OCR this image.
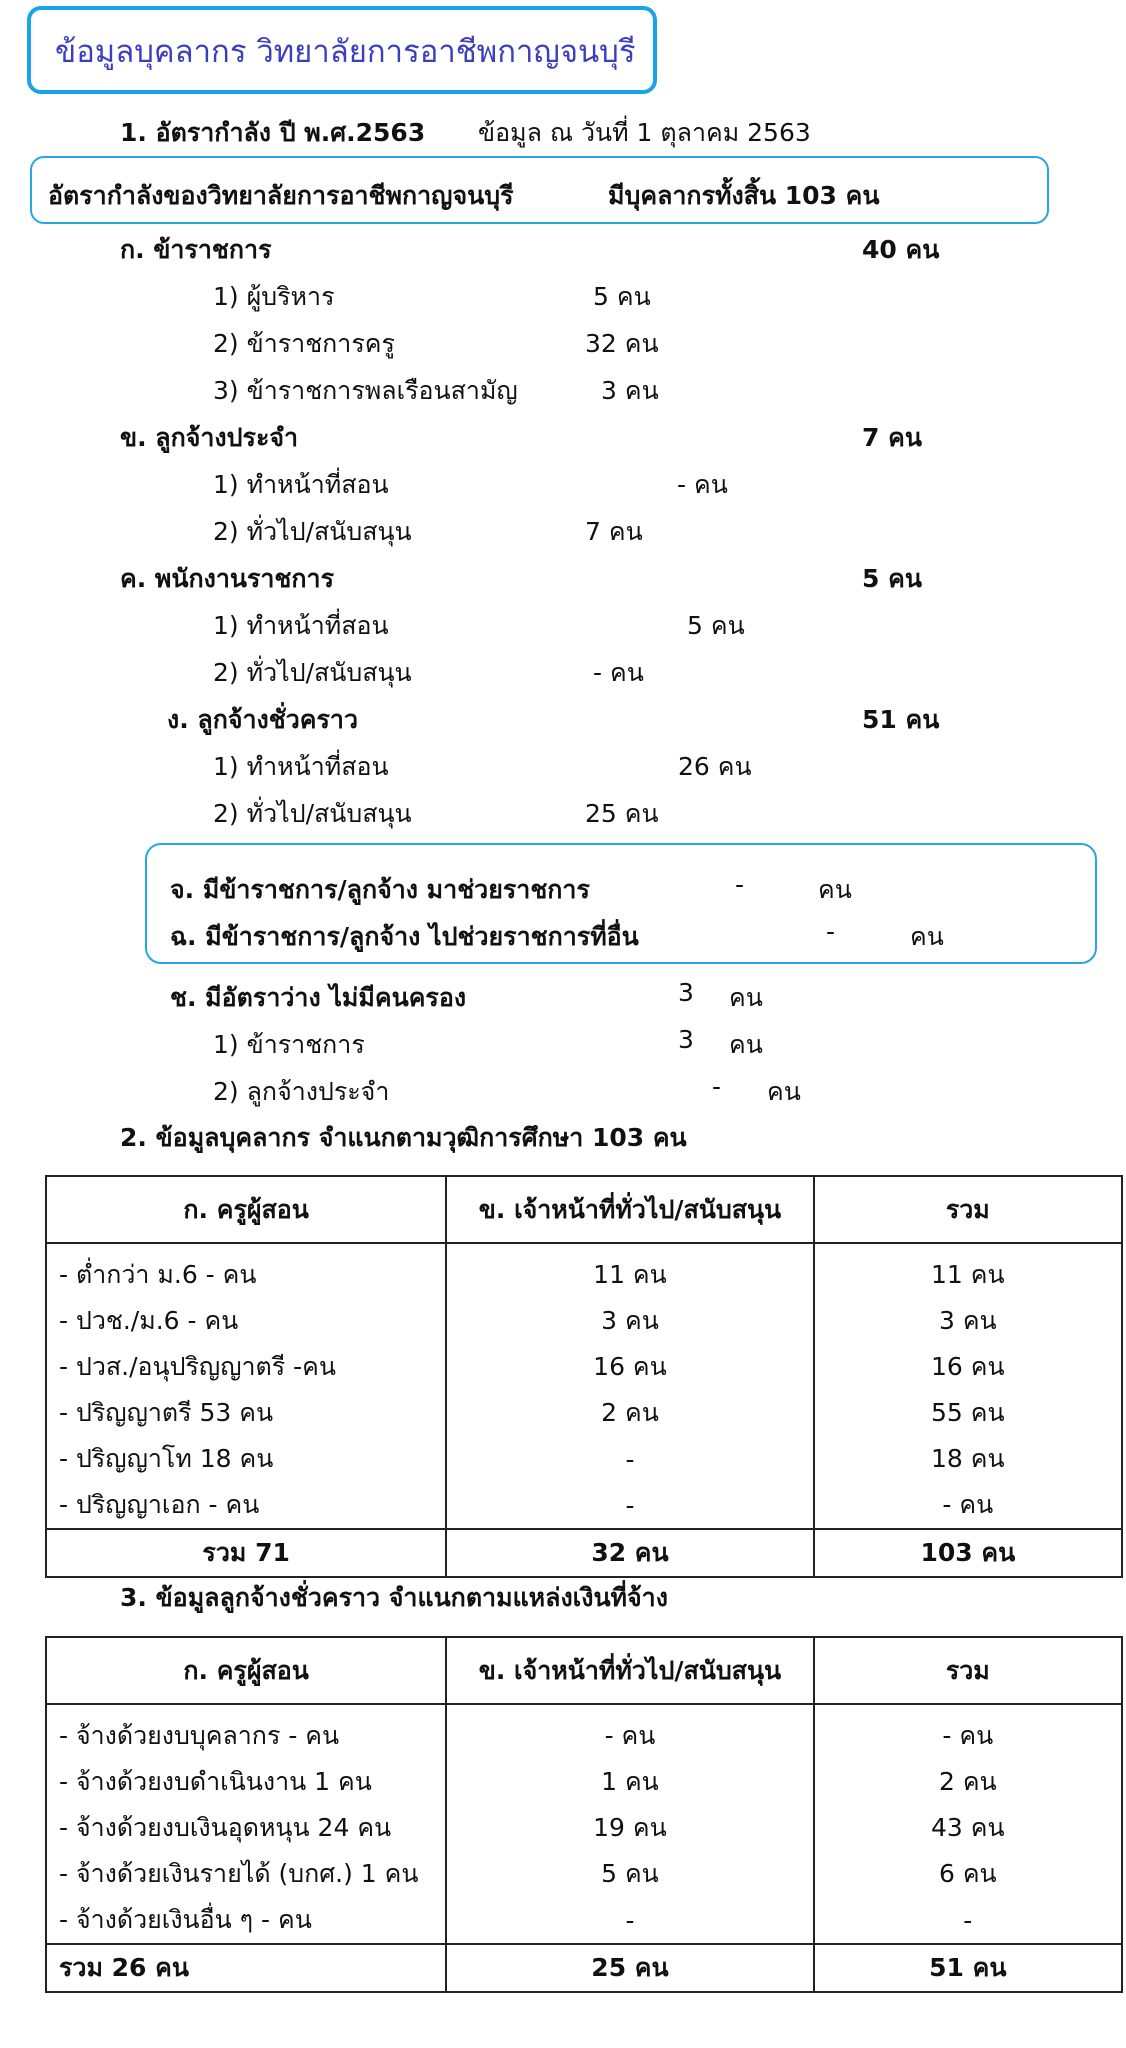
ข้อมูลบุคลากร วิทยาลัยการอาชีพกาญจนบุรี
1. อัตรากำลัง ปี พ.ศ.2563 ข้อมูล ณ วันที่ 1 ตุลาคม 2563
อัตรากำลังของวิทยาลัยการอาชีพกาญจนบุรี	มีบุคลากรทั้งสิ้น 103 คน
ก. ข้าราชการ	40 คน
1) ผู้บริหาร	5 คน
2) ข้าราชการครู	32 คน
3) ข้าราชการพลเรือนสามัญ	3 คน
ข. ลูกจ้างประจำ	7 คน
1) ทำหน้าที่สอน	- คน
2) ทั่วไป/สนับสนุน	7 คน
ค. พนักงานราชการ	5 คน
1) ทำหน้าที่สอน	5 คน
2) ทั่วไป/สนับสนุน	- คน
ง. ลูกจ้างชั่วคราว	51 คน
1) ทำหน้าที่สอน	26 คน
2) ทั่วไป/สนับสนุน	25 คน
จ. มีข้าราชการ/ลูกจ้าง มาช่วยราชการ	-	คน
ฉ. มีข้าราชการ/ลูกจ้าง ไปช่วยราชการที่อื่น	-	คน
ช. มีอัตราว่าง ไม่มีคนครอง	3 คน
1) ข้าราชการ	3 คน
2) ลูกจ้างประจำ	- คน
2. ข้อมูลบุคลากร จำแนกตามวุฒิการศึกษา 103 คน
ก. ครูผู้สอน	ข. เจ้าหน้าที่ทั่วไป/สนับสนุน	รวม
- ต่ำกว่า ม.6 - คน	11 คน	11 คน
- ปวช./ม.6 - คน	3 คน	3 คน
- ปวส./อนุปริญญาตรี -คน	16 คน	16 คน
- ปริญญาตรี 53 คน	2 คน	55 คน
- ปริญญาโท 18 คน	-	18 คน
- ปริญญาเอก - คน	-	- คน
รวม 71	32 คน	103 คน
3. ข้อมูลลูกจ้างชั่วคราว จำแนกตามแหล่งเงินที่จ้าง
ก. ครูผู้สอน	ข. เจ้าหน้าที่ทั่วไป/สนับสนุน	รวม
- จ้างด้วยงบบุคลากร - คน	- คน	- คน
- จ้างด้วยงบดำเนินงาน 1 คน	1 คน	2 คน
- จ้างด้วยงบเงินอุดหนุน 24 คน	19 คน	43 คน
- จ้างด้วยเงินรายได้ (บกศ.) 1 คน	5 คน	6 คน
- จ้างด้วยเงินอื่น ๆ - คน	-	-
รวม 26 คน	25 คน	51 คน
